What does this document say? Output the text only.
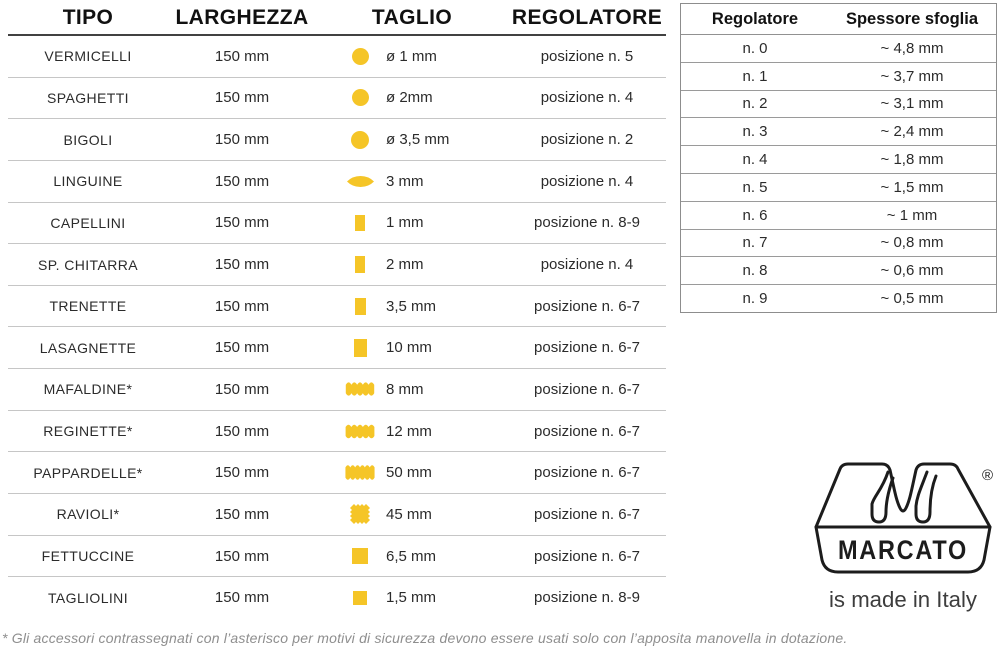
TIPO	LARGHEZZA	TAGLIO	REGOLATORE
VERMICELLI	150 mm	ø 1 mm	posizione n. 5
SPAGHETTI	150 mm	ø 2mm	posizione n. 4
BIGOLI	150 mm	ø 3,5 mm	posizione n. 2
LINGUINE	150 mm	3 mm	posizione n. 4
CAPELLINI	150 mm	1 mm	posizione n. 8-9
SP. CHITARRA	150 mm	2 mm	posizione n. 4
TRENETTE	150 mm	3,5 mm	posizione n. 6-7
LASAGNETTE	150 mm	10 mm	posizione n. 6-7
MAFALDINE*	150 mm	8 mm	posizione n. 6-7
REGINETTE*	150 mm	12 mm	posizione n. 6-7
PAPPARDELLE*	150 mm	50 mm	posizione n. 6-7
RAVIOLI*	150 mm	45 mm	posizione n. 6-7
FETTUCCINE	150 mm	6,5 mm	posizione n. 6-7
TAGLIOLINI	150 mm	1,5 mm	posizione n. 8-9
Regolatore	Spessore sfoglia
n. 0	~ 4,8 mm
n. 1	~ 3,7 mm
n. 2	~ 3,1 mm
n. 3	~ 2,4 mm
n. 4	~ 1,8 mm
n. 5	~ 1,5 mm
n. 6	~ 1 mm
n. 7	~ 0,8 mm
n. 8	~ 0,6 mm
n. 9	~ 0,5 mm
®
MARCATO
is made in Italy
* Gli accessori contrassegnati con l’asterisco per motivi di sicurezza devono essere usati solo con l’apposita manovella in dotazione.
